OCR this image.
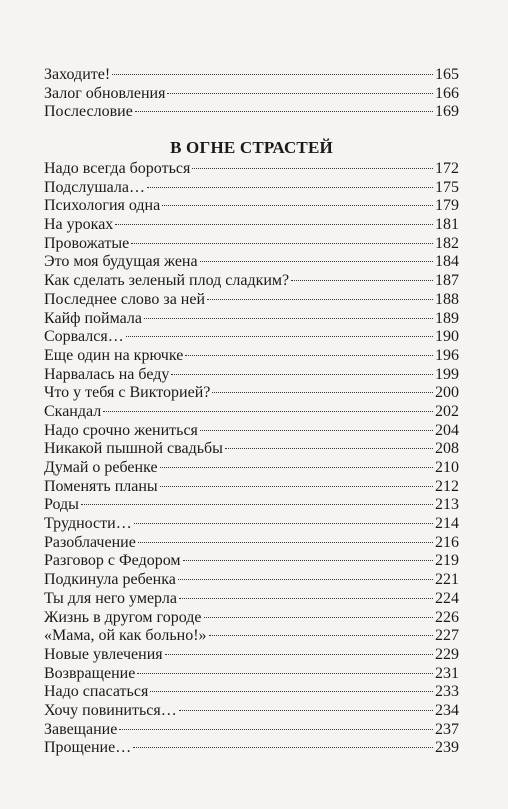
Заходите!	165
Залог обновления	166
Послесловие	169
В ОГНЕ СТРАСТЕЙ
Надо всегда бороться	172
Подслушала…	175
Психология одна	179
На уроках	181
Провожатые	182
Это моя будущая жена	184
Как сделать зеленый плод сладким?	187
Последнее слово за ней	188
Кайф поймала	189
Сорвался…	190
Еще один на крючке	196
Нарвалась на беду	199
Что у тебя с Викторией?	200
Скандал	202
Надо срочно жениться	204
Никакой пышной свадьбы	208
Думай о ребенке	210
Поменять планы	212
Роды	213
Трудности…	214
Разоблачение	216
Разговор с Федором	219
Подкинула ребенка	221
Ты для него умерла	224
Жизнь в другом городе	226
«Мама, ой как больно!»	227
Новые увлечения	229
Возвращение	231
Надо спасаться	233
Хочу повиниться…	234
Завещание	237
Прощение…	239
